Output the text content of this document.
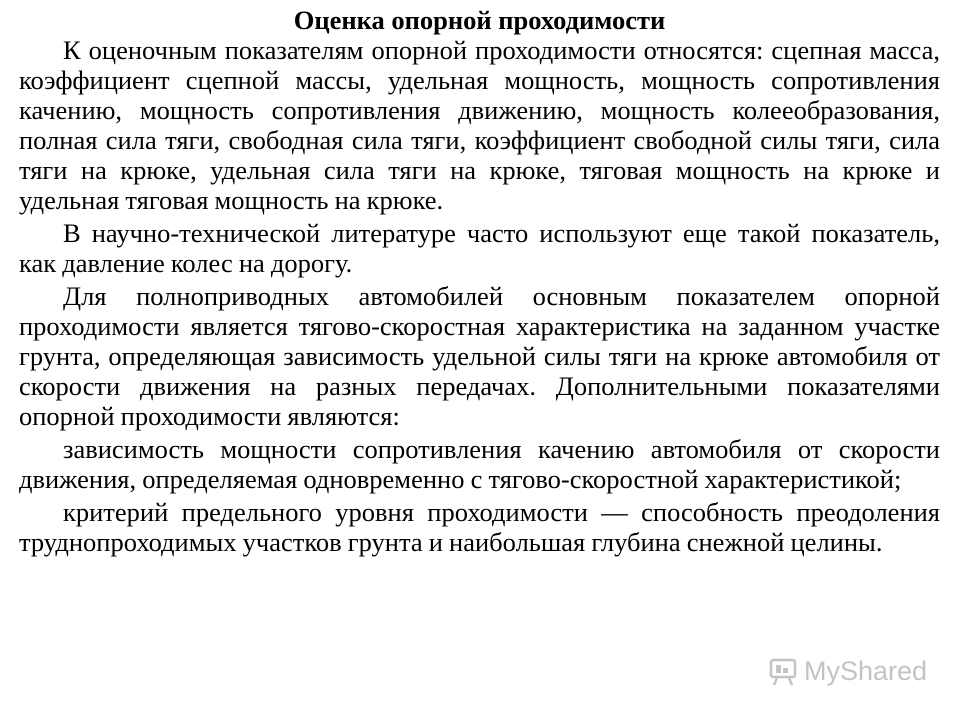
Оценка опорной проходимости

К оценочным показателям опорной проходимости относятся: сцепная масса, коэффициент сцепной массы, удельная мощность, мощность сопротивления качению, мощность сопротивления движению, мощность колееобразования, полная сила тяги, свободная сила тяги, коэффициент свободной силы тяги, сила тяги на крюке, удельная сила тяги на крюке, тяговая мощность на крюке и удельная тяговая мощность на крюке.

В научно-технической литературе часто используют еще такой показатель, как давление колес на дорогу.

Для полноприводных автомобилей основным показателем опорной проходимости является тягово-скоростная характеристика на заданном участке грунта, определяющая зависимость удельной силы тяги на крюке автомобиля от скорости движения на разных передачах. Дополнительными показателями опорной проходимости являются:

зависимость мощности сопротивления качению автомобиля от скорости движения, определяемая одновременно с тягово-скоростной характеристикой;

критерий предельного уровня проходимости — способность преодоления труднопроходимых участков грунта и наибольшая глубина снежной целины.

MyShared
